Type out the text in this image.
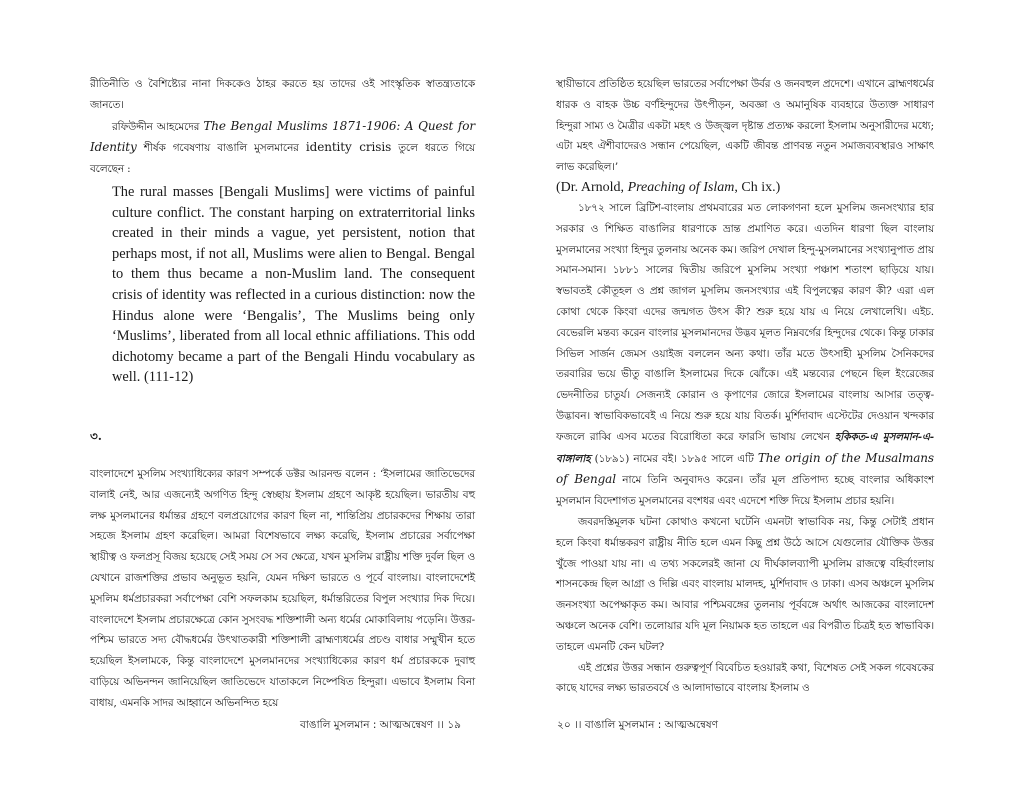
রীতিনীতি ও বৈশিষ্ট্যের নানা দিককেও ঠাহর করতে হয় তাদের ওই সাংস্কৃতিক স্বাতন্ত্র্যতাকে জানতে।

রফিউদ্দীন আহমেদের The Bengal Muslims 1871-1906: A Quest for Identity শীর্ষক গবেষণায় বাঙালি মুসলমানের identity crisis তুলে ধরতে গিয়ে বলেছেন :

The rural masses [Bengali Muslims] were victims of painful culture conflict. The constant harping on extraterritorial links created in their minds a vague, yet persistent, notion that perhaps most, if not all, Muslims were alien to Bengal. Bengal to them thus became a non-Muslim land. The consequent crisis of identity was reflected in a curious distinction: now the Hindus alone were ‘Bengalis’, The Muslims being only ‘Muslims’, liberated from all local ethnic affiliations. This odd dichotomy became a part of the Bengali Hindu vocabulary as well. (111-12)

৩.

বাংলাদেশে মুসলিম সংখ্যাধিক্যের কারণ সম্পর্কে ডক্টর আরনল্ড বলেন : ‘ইসলামের জাতিভেদের বালাই নেই, আর এজন্যেই অগণিত হিন্দু স্বেচ্ছায় ইসলাম গ্রহণে আকৃষ্ট হয়েছিল। ভারতীয় বহু লক্ষ মুসলমানের ধর্মান্তর গ্রহণে বলপ্রয়োগের কারণ ছিল না, শান্তিপ্রিয় প্রচারকদের শিক্ষায় তারা সহজে ইসলাম গ্রহণ করেছিল। আমরা বিশেষভাবে লক্ষ্য করেছি, ইসলাম প্রচারের সর্বাপেক্ষা স্থায়ীত্ব ও ফলপ্রসূ বিজয় হয়েছে সেই সময় সে সব ক্ষেত্রে, যখন মুসলিম রাষ্ট্রীয় শক্তি দুর্বল ছিল ও যেখানে রাজশক্তির প্রভাব অনুভূত হয়নি, যেমন দক্ষিণ ভারতে ও পূর্বে বাংলায়। বাংলাদেশেই মুসলিম ধর্মপ্রচারকরা সর্বাপেক্ষা বেশি সফলকাম হয়েছিল, ধর্মান্তরিতের বিপুল সংখ্যার দিক দিয়ে। বাংলাদেশে ইসলাম প্রচারক্ষেত্রে কোন সুসংবদ্ধ শক্তিশালী অন্য ধর্মের মোকাবিলায় পড়েনি। উত্তর-পশ্চিম ভারতে সদ্য বৌদ্ধধর্মের উৎখাতকারী শক্তিশালী ব্রাহ্মণ্যধর্মের প্রচণ্ড বাধার সম্মুখীন হতে হয়েছিল ইসলামকে, কিন্তু বাংলাদেশে মুসলমানদের সংখ্যাধিক্যের কারণ ধর্ম প্রচারককে দুবাহু বাড়িয়ে অভিনন্দন জানিয়েছিল জাতিভেদে যাতাকলে নিষ্পেষিত হিন্দুরা। এভাবে ইসলাম বিনা বাধায়, এমনকি সাদর আহ্বানে অভিনন্দিত হয়ে

স্থায়ীভাবে প্রতিষ্ঠিত হয়েছিল ভারতের সর্বাপেক্ষা উর্বর ও জনবহুল প্রদেশে। এখানে ব্রাহ্মণধর্মের ধারক ও বাহক উচ্চ বর্ণহিন্দুদের উৎপীড়ন, অবজ্ঞা ও অমানুষিক ব্যবহারে উত্যক্ত সাধারণ হিন্দুরা সাম্য ও মৈত্রীর একটা মহৎ ও উজ্জ্বল দৃষ্টান্ত প্রত্যক্ষ করলো ইসলাম অনুসারীদের মধ্যে; এটা মহৎ ঐশীবাদেরও সন্ধান পেয়েছিল, একটি জীবন্ত প্রাণবন্ত নতুন সমাজব্যবস্থারও সাক্ষাৎ লাভ করেছিল।’

(Dr. Arnold, Preaching of Islam, Ch ix.)

১৮৭২ সালে ব্রিটিশ-বাংলায় প্রথমবারের মত লোকগণনা হলে মুসলিম জনসংখ্যার হার সরকার ও শিক্ষিত বাঙালির ধারণাকে ভ্রান্ত প্রমাণিত করে। এতদিন ধারণা ছিল বাংলায় মুসলমানের সংখ্যা হিন্দুর তুলনায় অনেক কম। জরিপ দেখাল হিন্দু-মুসলমানের সংখ্যানুপাত প্রায় সমান-সমান। ১৮৮১ সালের দ্বিতীয় জরিপে মুসলিম সংখ্যা পঞ্চাশ শতাংশ ছাড়িয়ে যায়। স্বভাবতই কৌতূহল ও প্রশ্ন জাগল মুসলিম জনসংখ্যার এই বিপুলত্বের কারণ কী? এরা এল কোথা থেকে কিংবা এদের জন্মগত উৎস কী? শুরু হয়ে যায় এ নিয়ে লেখালেখি। এইচ. বেভেরলি মন্তব্য করেন বাংলার মুসলমানদের উদ্ভব মূলত নিম্নবর্গের হিন্দুদের থেকে। কিন্তু ঢাকার সিভিল সার্জন জেমস ওয়াইজ বললেন অন্য কথা। তাঁর মতে উৎসাহী মুসলিম সৈনিকদের তরবারির ভয়ে ভীতু বাঙালি ইসলামের দিকে ঝোঁকে। এই মন্তব্যের পেছনে ছিল ইংরেজের ভেদনীতির চাতুর্য। সেজন্যই কোরান ও কৃপাণের জোরে ইসলামের বাংলায় আসার তত্ত্ব-উদ্ভাবন। স্বাভাবিকভাবেই এ নিয়ে শুরু হয়ে যায় বিতর্ক। মুর্শিদাবাদ এস্টেটের দেওয়ান খন্দকার ফজলে রাব্বি এসব মতের বিরোধিতা করে ফারসি ভাষায় লেখেন হকিকত-এ মুসলমান-এ-বাঙ্গালাহ (১৮৯১) নামের বই। ১৮৯৫ সালে এটি The origin of the Musalmans of Bengal নামে তিনি অনুবাদও করেন। তাঁর মূল প্রতিপাদ্য হচ্ছে বাংলার অধিকাংশ মুসলমান বিদেশাগত মুসলমানের বংশধর এবং এদেশে শক্তি দিয়ে ইসলাম প্রচার হয়নি।

জবরদস্তিমূলক ঘটনা কোথাও কখনো ঘটেনি এমনটা স্বাভাবিক নয়, কিন্তু সেটাই প্রধান হলে কিংবা ধর্মান্তকরণ রাষ্ট্রীয় নীতি হলে এমন কিছু প্রশ্ন উঠে আসে যেগুলোর যৌক্তিক উত্তর খুঁজে পাওয়া যায় না। এ তথ্য সকলেরই জানা যে দীর্ঘকালব্যাপী মুসলিম রাজত্বে বহির্বাংলায় শাসনকেন্দ্র ছিল আগ্রা ও দিল্লি এবং বাংলায় মালদহ, মুর্শিদাবাদ ও ঢাকা। এসব অঞ্চলে মুসলিম জনসংখ্যা অপেক্ষাকৃত কম। আবার পশ্চিমবঙ্গের তুলনায় পূর্ববঙ্গে অর্থাৎ আজকের বাংলাদেশ অঞ্চলে অনেক বেশি। তলোয়ার যদি মূল নিয়ামক হত তাহলে এর বিপরীত চিত্রই হত স্বাভাবিক। তাহলে এমনটি কেন ঘটল?

এই প্রশ্নের উত্তর সন্ধান গুরুত্বপূর্ণ বিবেচিত হওয়ারই কথা, বিশেষত সেই সকল গবেষকের কাছে যাদের লক্ষ্য ভারতবর্ষে ও আলাদাভাবে বাংলায় ইসলাম ও

বাঙালি মুসলমান : আত্মঅন্বেষণ ।। ১৯	২০ ।। বাঙালি মুসলমান : আত্মঅন্বেষণ
